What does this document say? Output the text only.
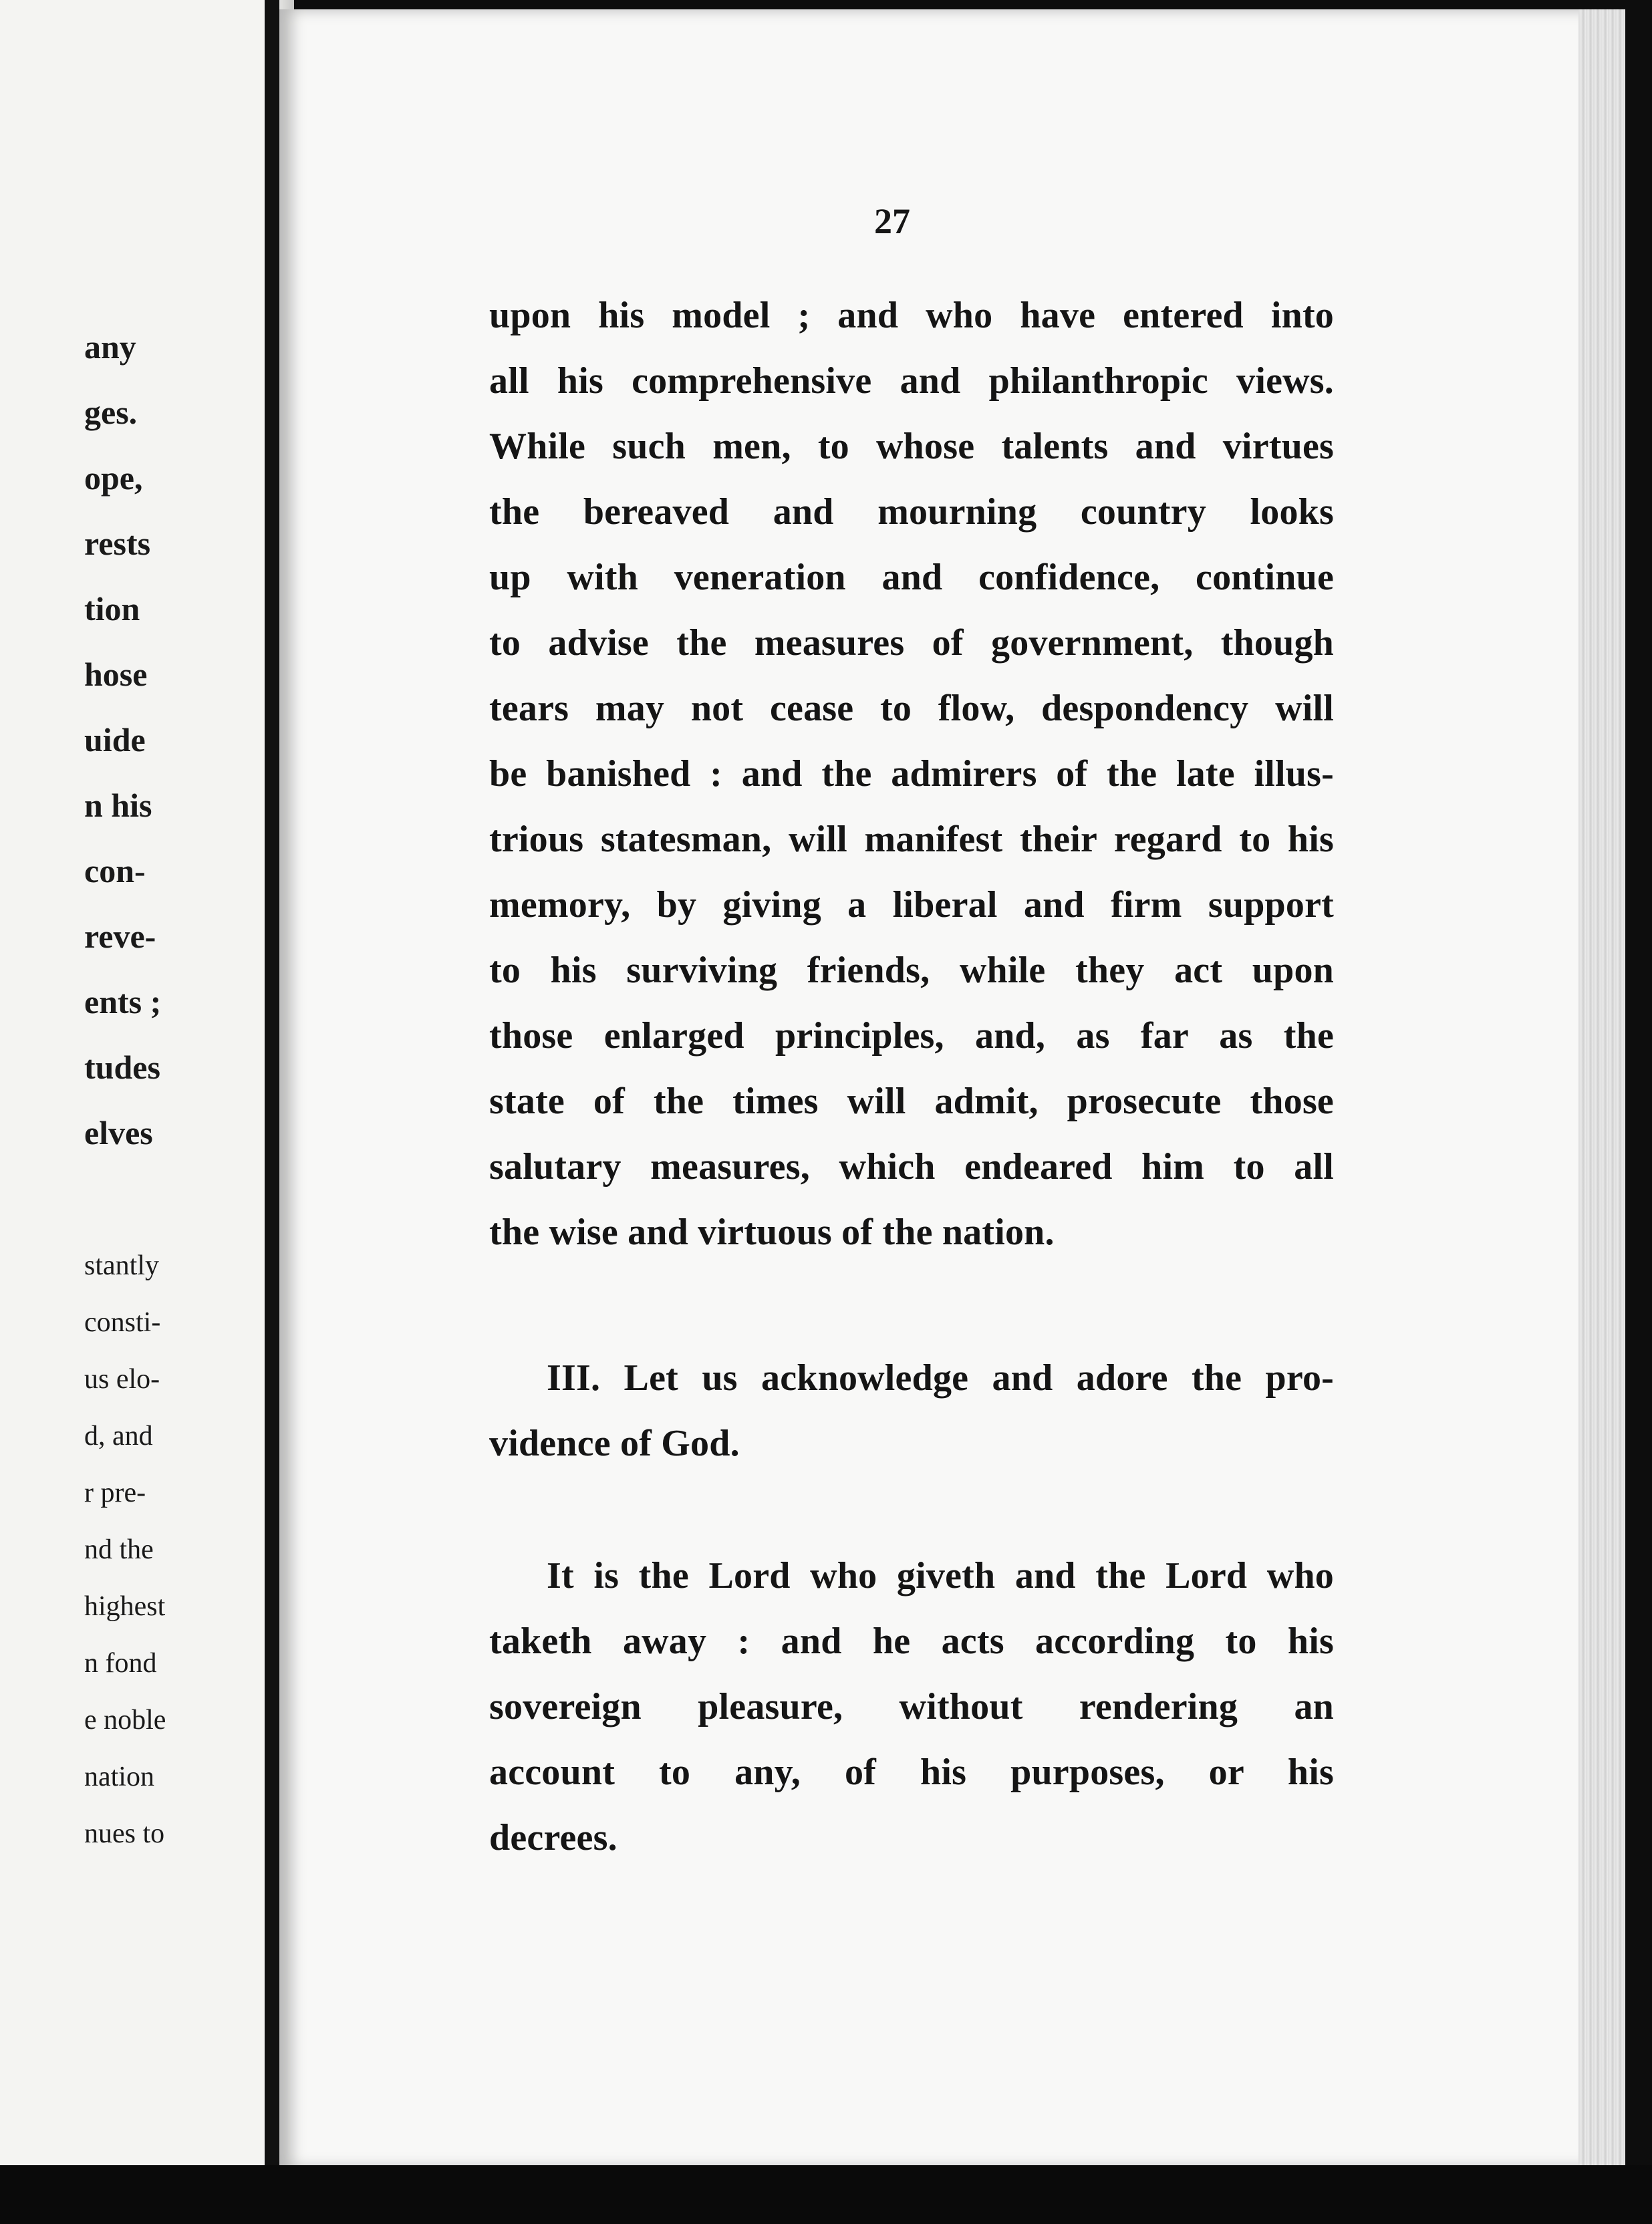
any

ges.

ope,

rests

tion

hose

uide

n his

con-

reve-

ents ;

tudes

elves

stantly

consti-

us elo-

d, and

r pre-

nd the

highest

n fond

e noble

nation

nues to

27

upon his model ; and who have entered into

all his comprehensive and philanthropic views.

While such men, to whose talents and virtues

the bereaved and mourning country looks

up with veneration and confidence, continue

to advise the measures of government, though

tears may not cease to flow, despondency will

be banished : and the admirers of the late illus-

trious statesman, will manifest their regard to his

memory, by giving a liberal and firm support

to his surviving friends, while they act upon

those enlarged principles, and, as far as the

state of the times will admit, prosecute those

salutary measures, which endeared him to all

the wise and virtuous of the nation.

III. Let us acknowledge and adore the pro-

vidence of God.

It is the Lord who giveth and the Lord who

taketh away : and he acts according to his

sovereign pleasure, without rendering an

account to any, of his purposes, or his

decrees.
